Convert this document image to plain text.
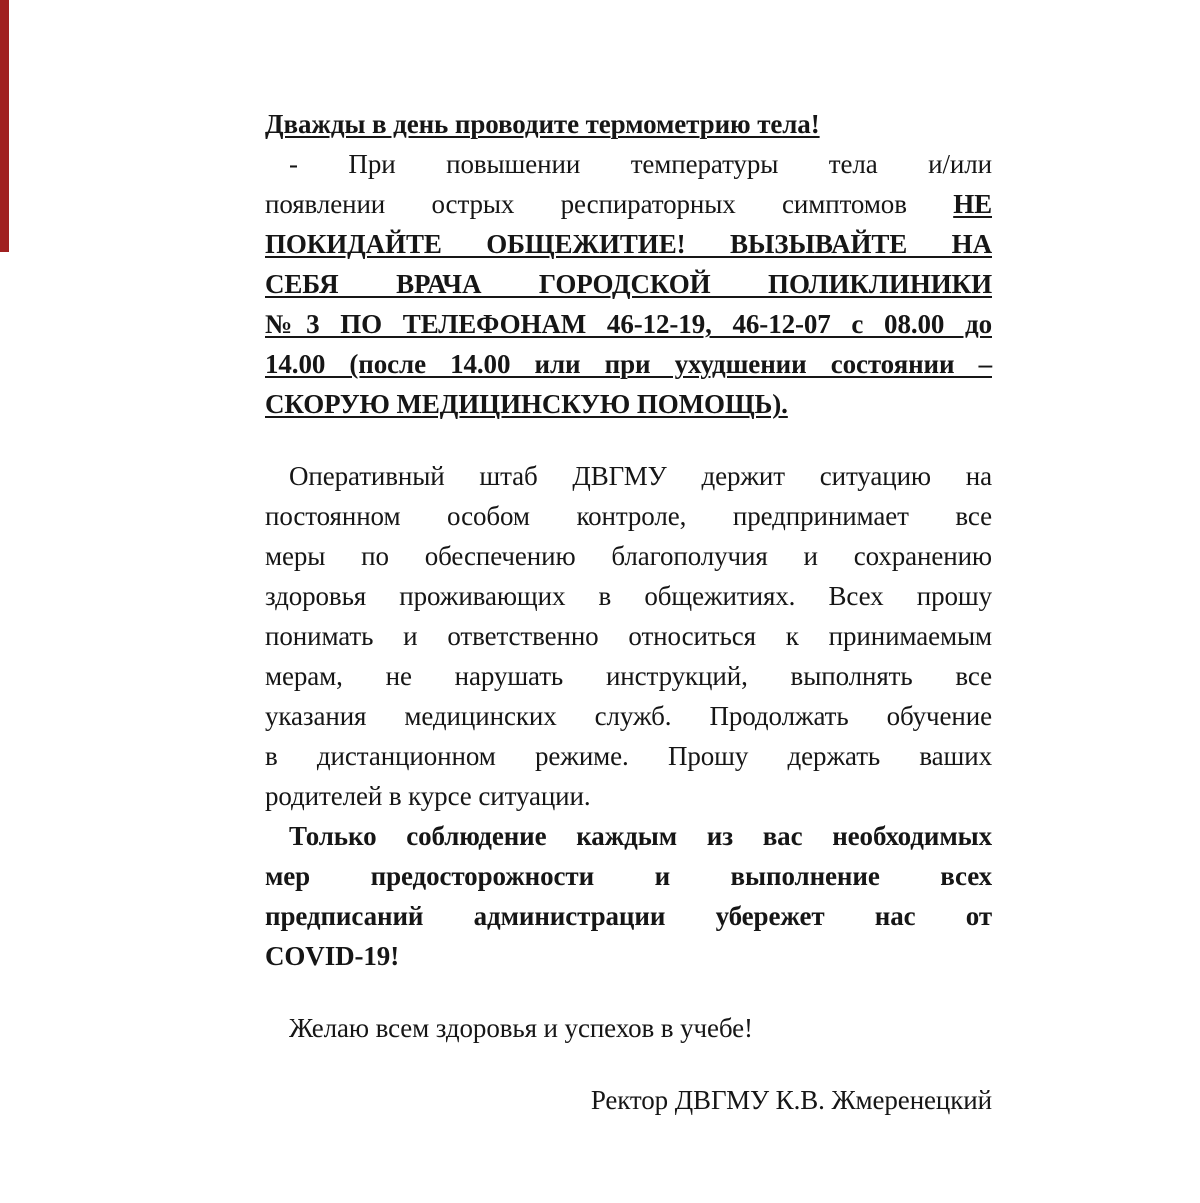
Дважды в день проводите термометрию тела!
- При повышении температуры тела и/или
появлении острых респираторных симптомов НЕ
ПОКИДАЙТЕ ОБЩЕЖИТИЕ! ВЫЗЫВАЙТЕ НА
СЕБЯ ВРАЧА ГОРОДСКОЙ ПОЛИКЛИНИКИ
№3 ПО ТЕЛЕФОНАМ 46-12-19, 46-12-07 с 08.00 до
14.00 (после 14.00 или при ухудшении состоянии –
СКОРУЮ МЕДИЦИНСКУЮ ПОМОЩЬ).
Оперативный штаб ДВГМУ держит ситуацию на
постоянном особом контроле, предпринимает все
меры по обеспечению благополучия и сохранению
здоровья проживающих в общежитиях. Всех прошу
понимать и ответственно относиться к принимаемым
мерам, не нарушать инструкций, выполнять все
указания медицинских служб. Продолжать обучение
в дистанционном режиме. Прошу держать ваших
родителей в курсе ситуации.
Только соблюдение каждым из вас необходимых
мер предосторожности и выполнение всех
предписаний администрации убережет нас от
COVID-19!
Желаю всем здоровья и успехов в учебе!
Ректор ДВГМУ К.В. Жмеренецкий
